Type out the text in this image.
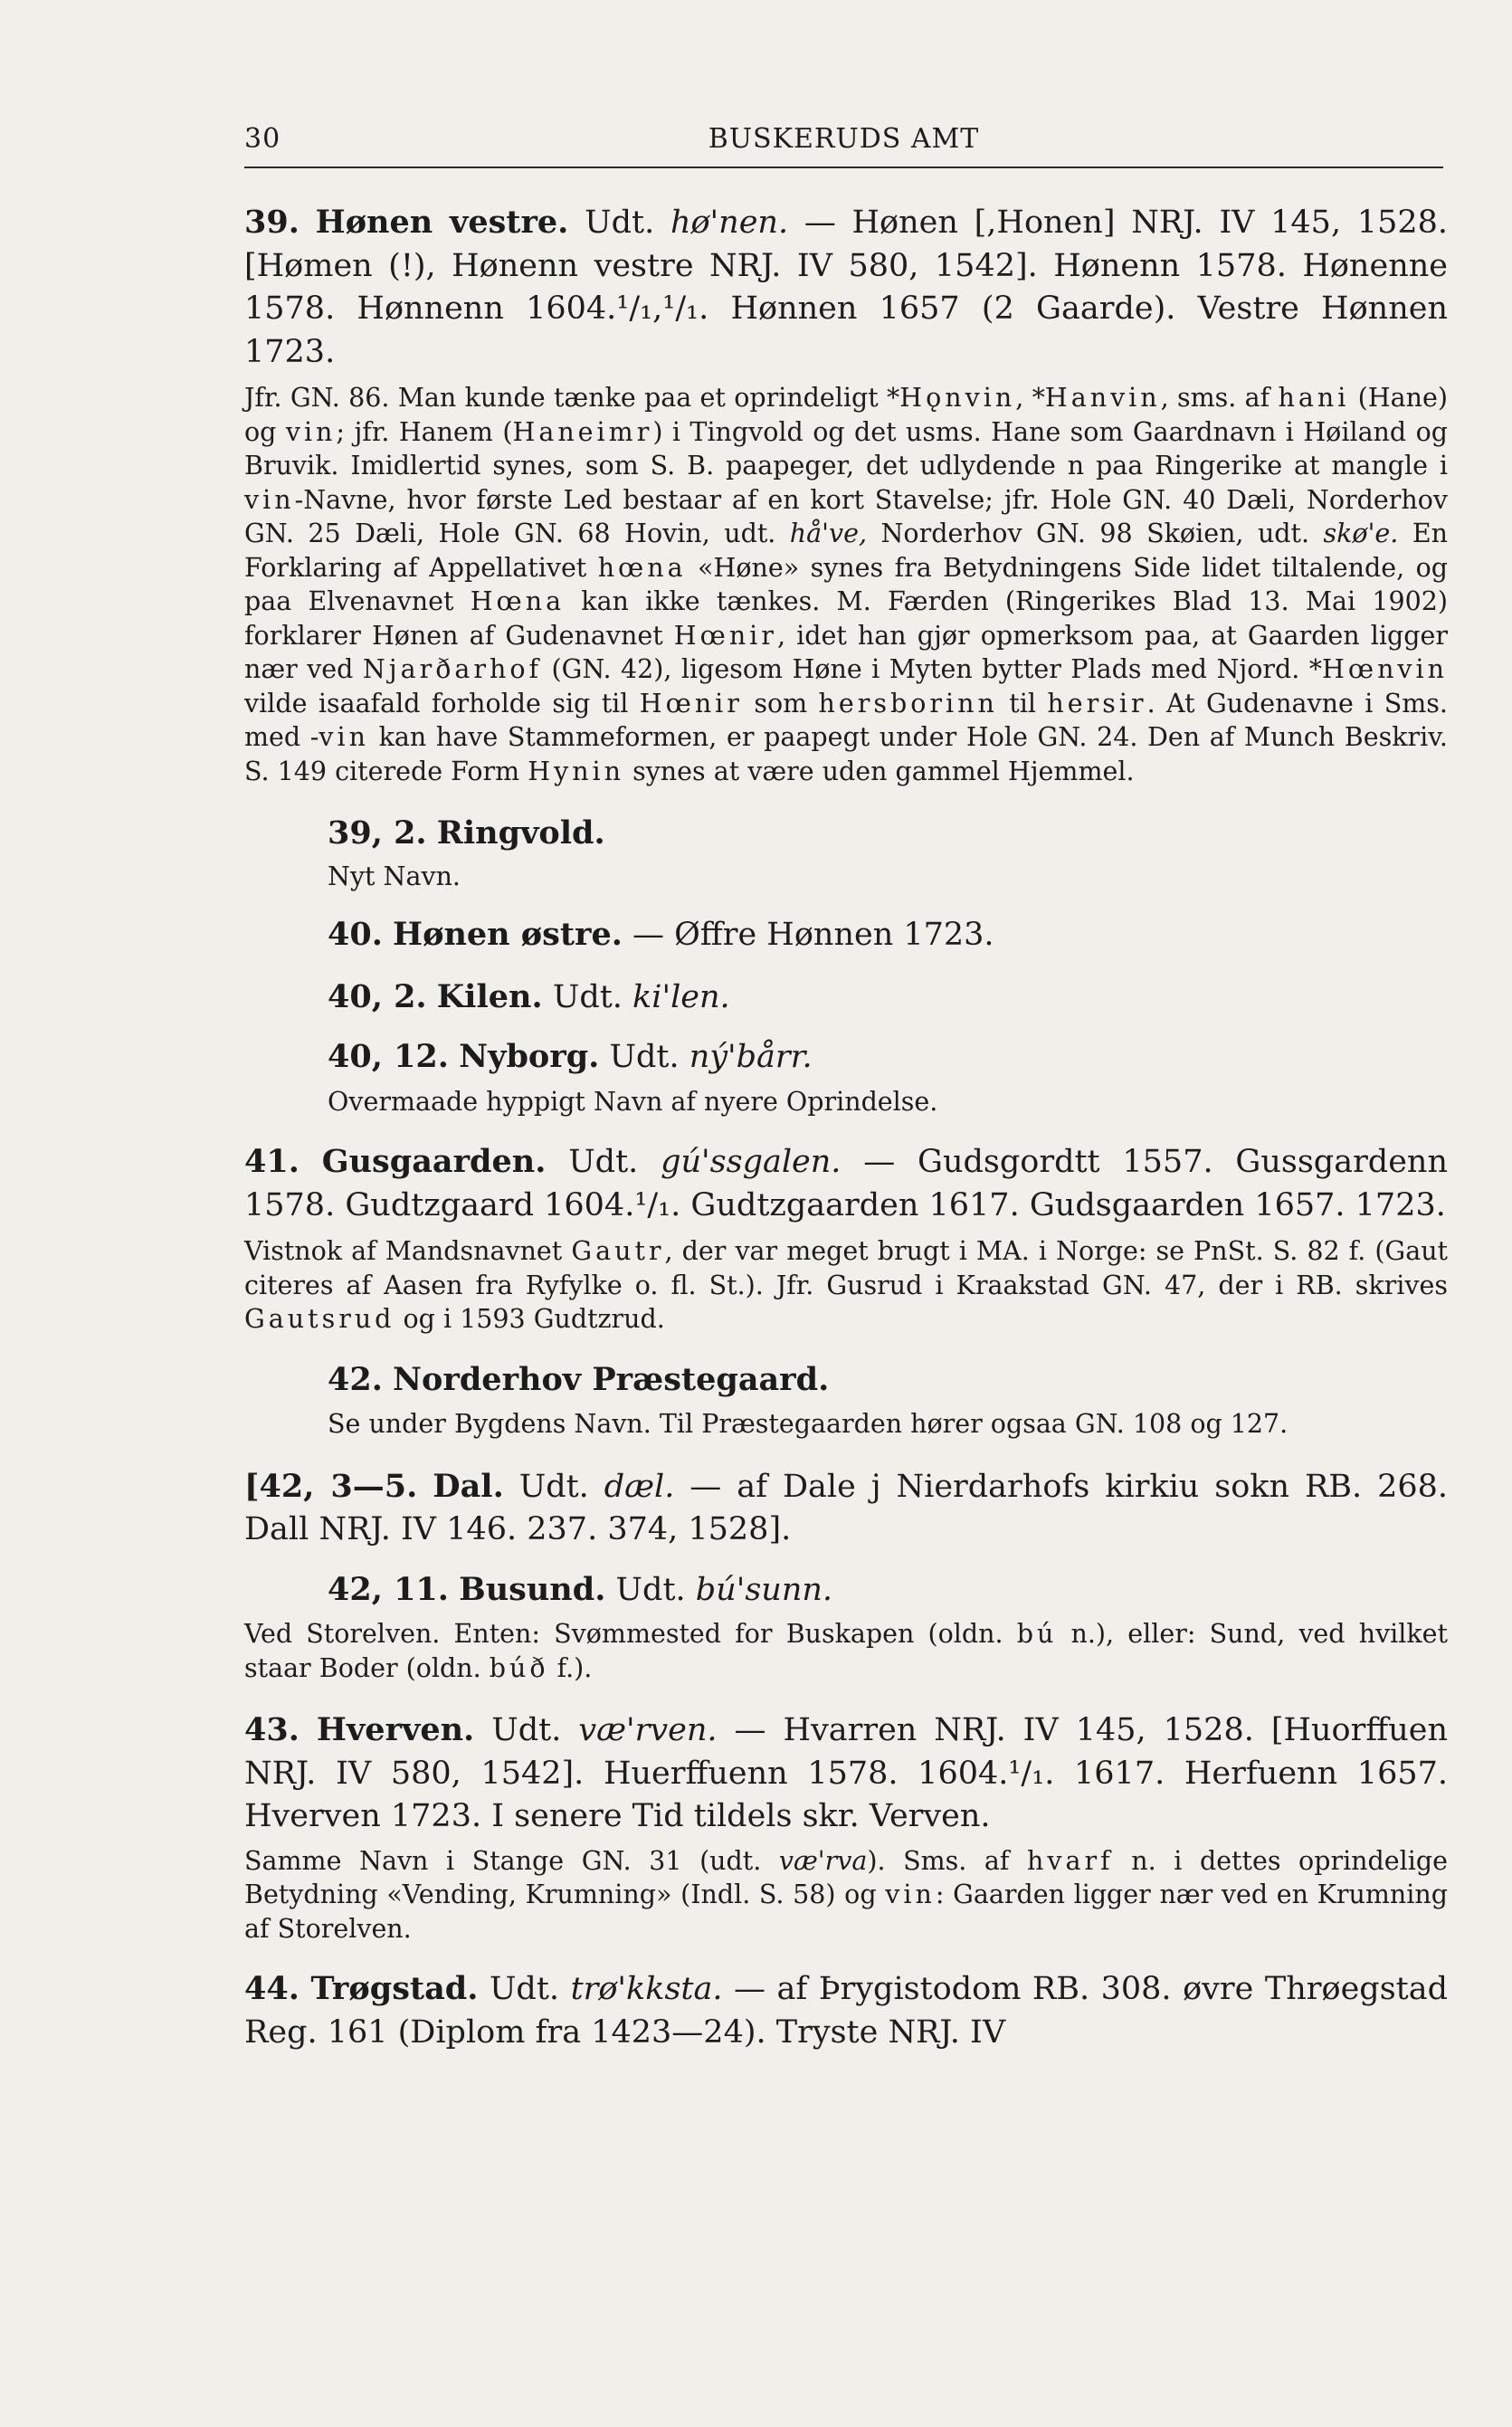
30	BUSKERUDS AMT

39. Hønen vestre. Udt. hø'nen. — Hønen [,Honen] NRJ. IV 145, 1528. [Hømen (!), Hønenn vestre NRJ. IV 580, 1542]. Hønenn 1578. Hønenne 1578. Hønnenn 1604.¹/₁,¹/₁. Hønnen 1657 (2 Gaarde). Vestre Hønnen 1723.

Jfr. GN. 86. Man kunde tænke paa et oprindeligt *Hǫnvin, *Hanvin, sms. af hani (Hane) og vin; jfr. Hanem (Haneimr) i Tingvold og det usms. Hane som Gaardnavn i Høiland og Bruvik. Imidlertid synes, som S. B. paapeger, det udlydende n paa Ringerike at mangle i vin-Navne, hvor første Led bestaar af en kort Stavelse; jfr. Hole GN. 40 Dæli, Norderhov GN. 25 Dæli, Hole GN. 68 Hovin, udt. hå've, Norderhov GN. 98 Skøien, udt. skø'e. En Forklaring af Appellativet hœna «Høne» synes fra Betydningens Side lidet tiltalende, og paa Elvenavnet Hœna kan ikke tænkes. M. Færden (Ringerikes Blad 13. Mai 1902) forklarer Hønen af Gudenavnet Hœnir, idet han gjør opmerksom paa, at Gaarden ligger nær ved Njarðarhof (GN. 42), ligesom Høne i Myten bytter Plads med Njord. *Hœnvin vilde isaafald forholde sig til Hœnir som hersborinn til hersir. At Gudenavne i Sms. med -vin kan have Stammeformen, er paapegt under Hole GN. 24. Den af Munch Beskriv. S. 149 citerede Form Hynin synes at være uden gammel Hjemmel.

39, 2. Ringvold.

Nyt Navn.

40. Hønen østre. — Øffre Hønnen 1723.

40, 2. Kilen. Udt. ki'len.

40, 12. Nyborg. Udt. ný'bårr.

Overmaade hyppigt Navn af nyere Oprindelse.

41. Gusgaarden. Udt. gú'ssgalen. — Gudsgordtt 1557. Gussgardenn 1578. Gudtzgaard 1604.¹/₁. Gudtzgaarden 1617. Gudsgaarden 1657. 1723.

Vistnok af Mandsnavnet Gautr, der var meget brugt i MA. i Norge: se PnSt. S. 82 f. (Gaut citeres af Aasen fra Ryfylke o. fl. St.). Jfr. Gusrud i Kraakstad GN. 47, der i RB. skrives Gautsrud og i 1593 Gudtzrud.

42. Norderhov Præstegaard.

Se under Bygdens Navn. Til Præstegaarden hører ogsaa GN. 108 og 127.

[42, 3—5. Dal. Udt. dæl. — af Dale j Nierdarhofs kirkiu sokn RB. 268. Dall NRJ. IV 146. 237. 374, 1528].

42, 11. Busund. Udt. bú'sunn.

Ved Storelven. Enten: Svømmested for Buskapen (oldn. bú n.), eller: Sund, ved hvilket staar Boder (oldn. búð f.).

43. Hverven. Udt. væ'rven. — Hvarren NRJ. IV 145, 1528. [Huorffuen NRJ. IV 580, 1542]. Huerffuenn 1578. 1604.¹/₁. 1617. Herfuenn 1657. Hverven 1723. I senere Tid tildels skr. Verven.

Samme Navn i Stange GN. 31 (udt. væ'rva). Sms. af hvarf n. i dettes oprindelige Betydning «Vending, Krumning» (Indl. S. 58) og vin: Gaarden ligger nær ved en Krumning af Storelven.

44. Trøgstad. Udt. trø'kksta. — af Þrygistodom RB. 308. øvre Thrøegstad Reg. 161 (Diplom fra 1423—24). Tryste NRJ. IV
